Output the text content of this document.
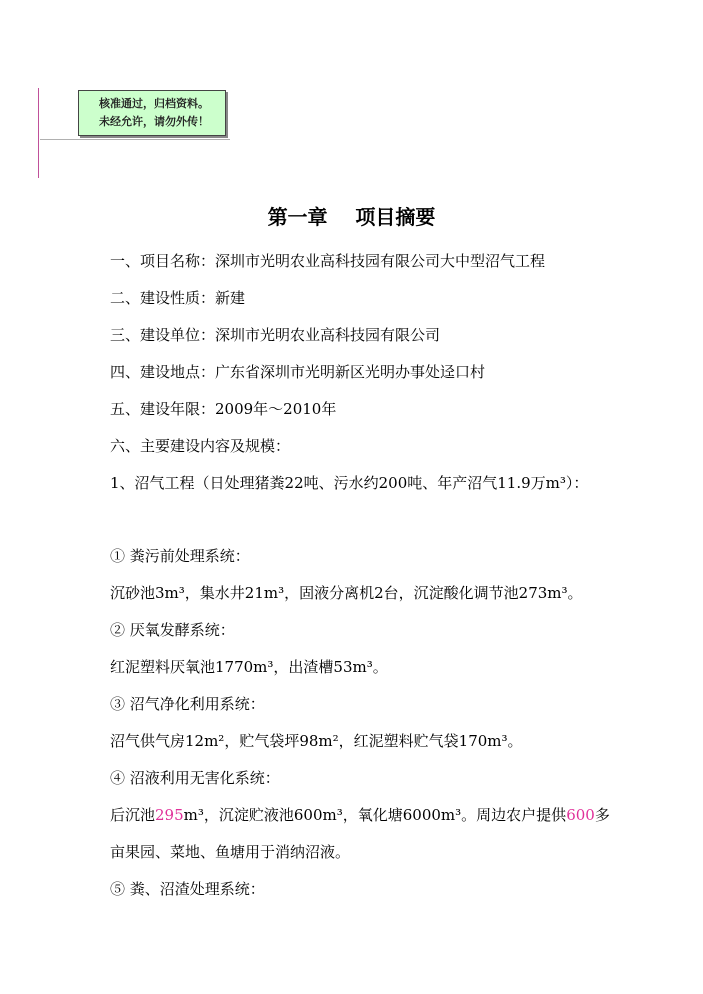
核准通过，归档资料。
未经允许，请勿外传！
第一章    项目摘要
一、项目名称：深圳市光明农业高科技园有限公司大中型沼气工程
二、建设性质：新建
三、建设单位：深圳市光明农业高科技园有限公司
四、建设地点：广东省深圳市光明新区光明办事处迳口村
五、建设年限：2009年～2010年
六、主要建设内容及规模：
1、沼气工程（日处理猪粪22吨、污水约200吨、年产沼气11.9万m³）：
① 粪污前处理系统：
沉砂池3m³，集水井21m³，固液分离机2台，沉淀酸化调节池273m³。
② 厌氧发酵系统：
红泥塑料厌氧池1770m³，出渣槽53m³。
③ 沼气净化利用系统：
沼气供气房12m²，贮气袋坪98m²，红泥塑料贮气袋170m³。
④ 沼液利用无害化系统：
后沉池295m³，沉淀贮液池600m³，氧化塘6000m³。周边农户提供600多
亩果园、菜地、鱼塘用于消纳沼液。
⑤ 粪、沼渣处理系统：
